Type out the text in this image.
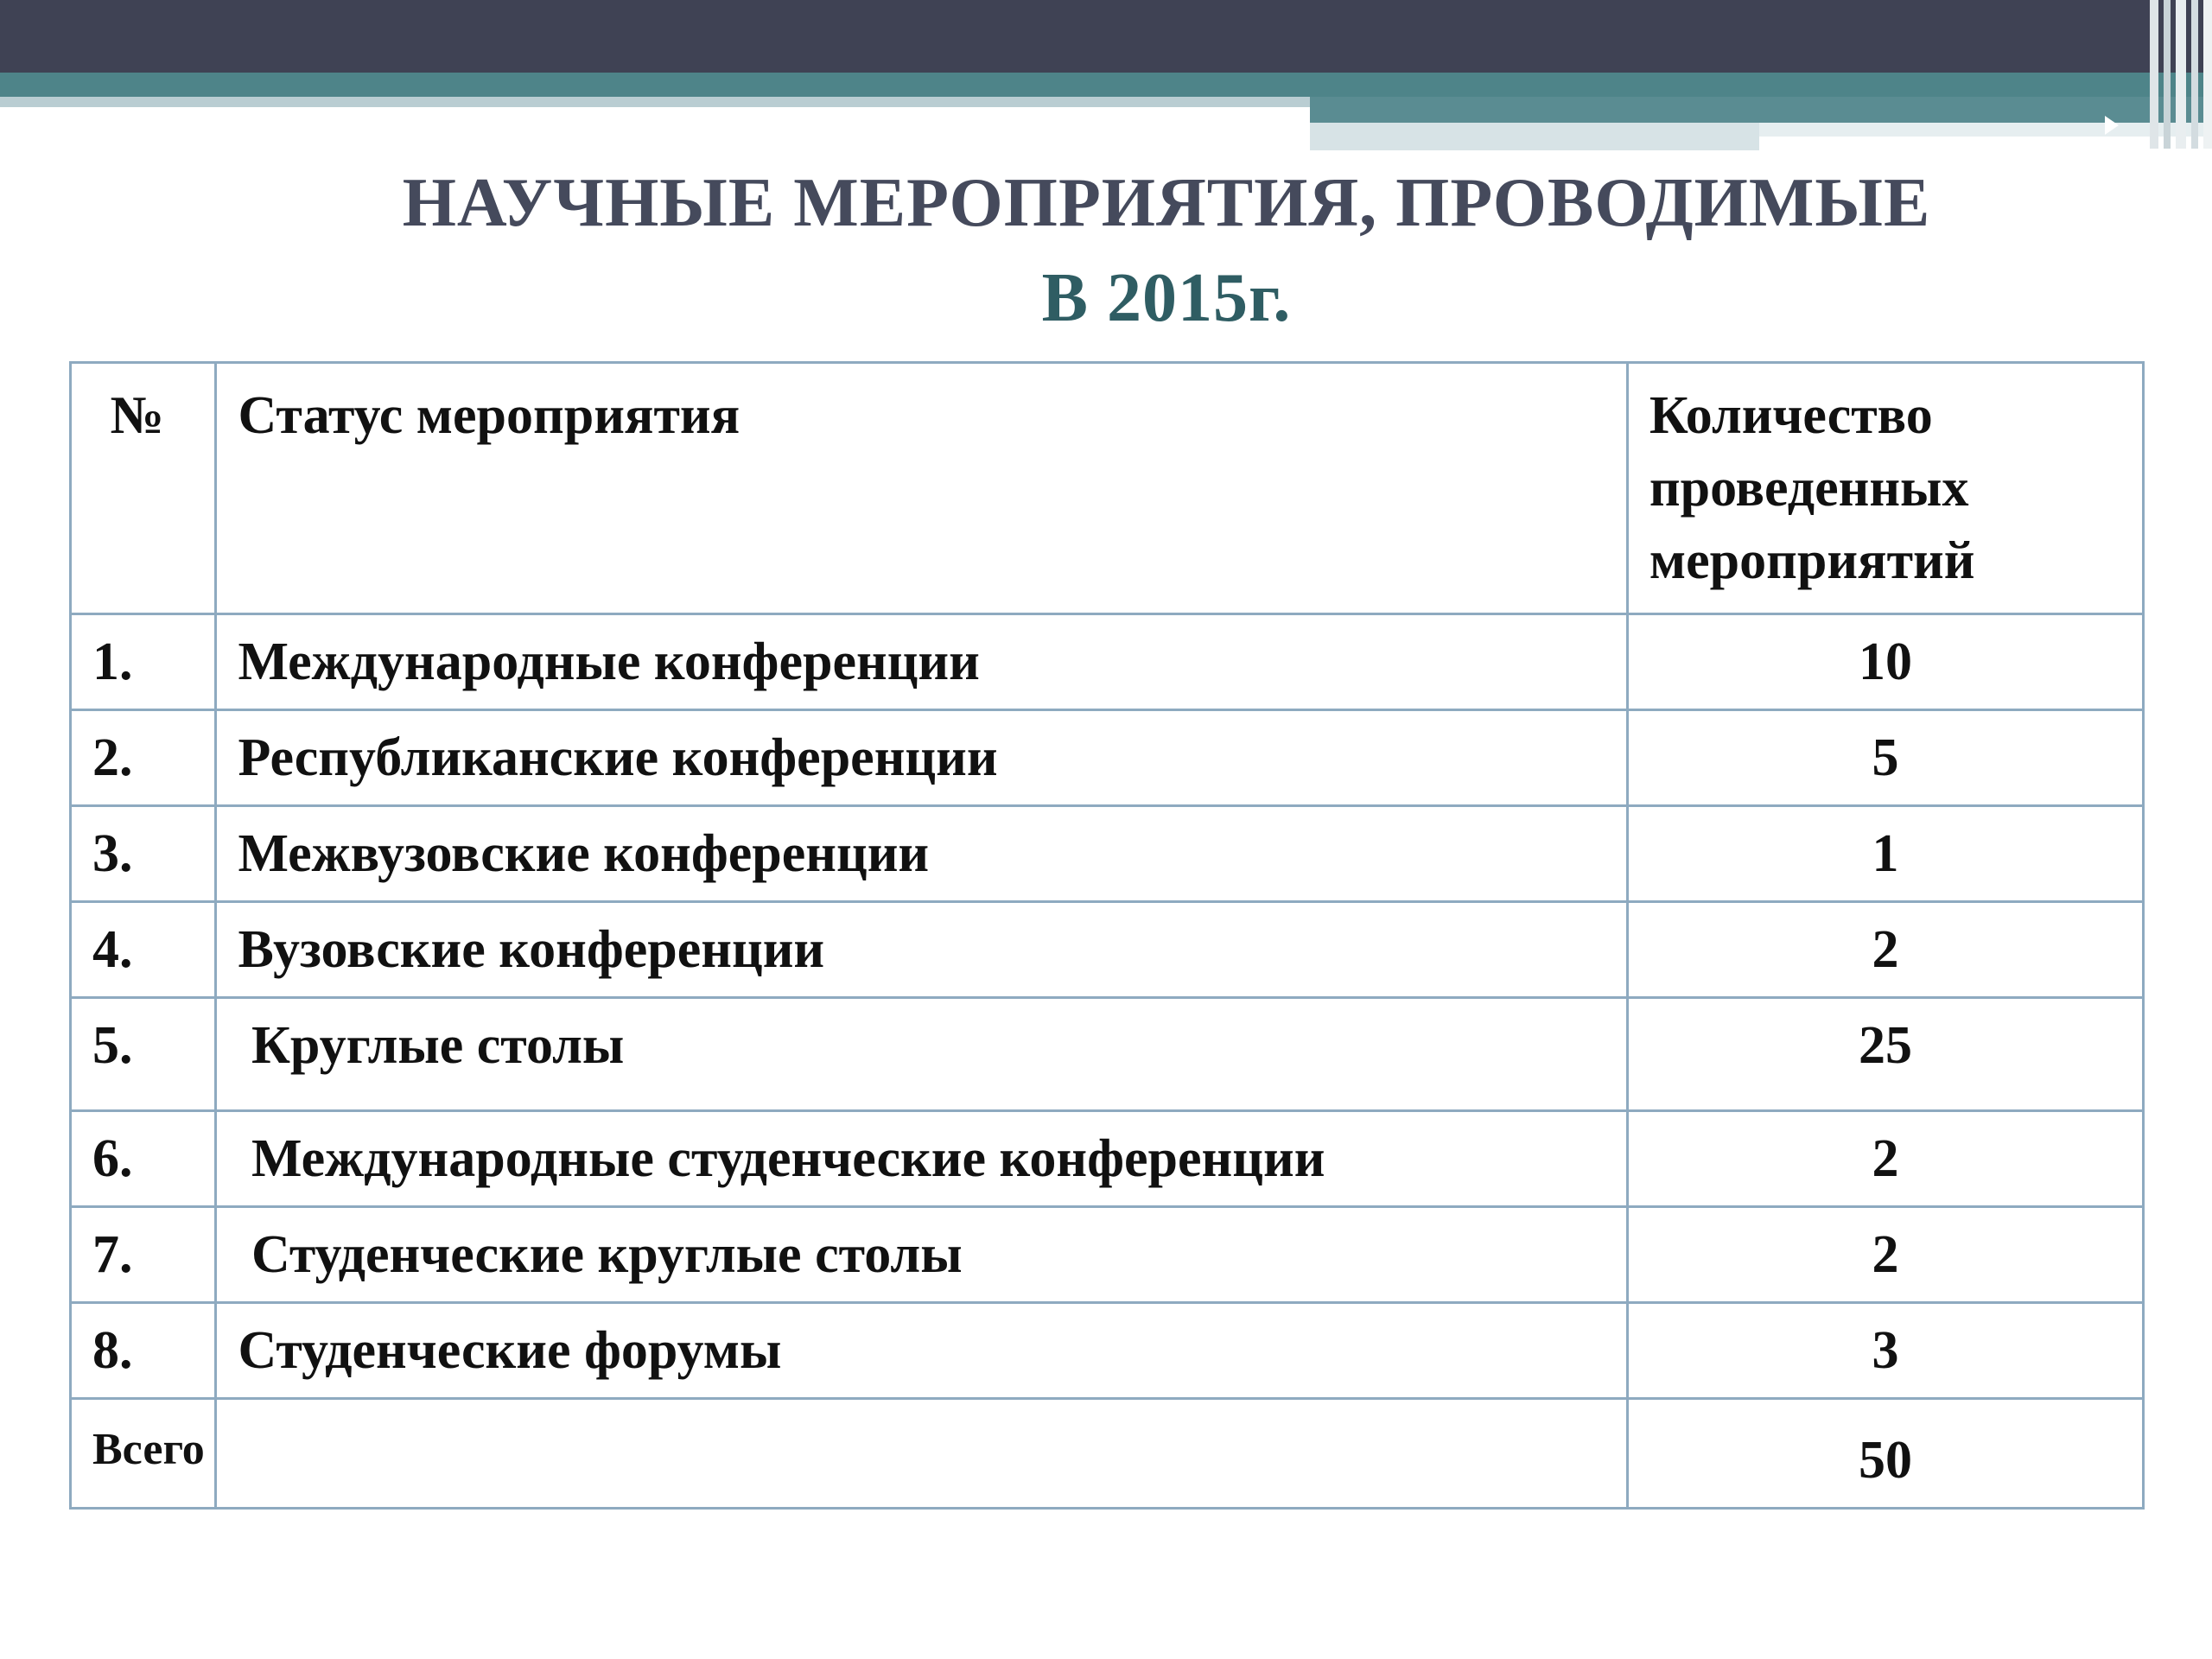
НАУЧНЫЕ МЕРОПРИЯТИЯ, ПРОВОДИМЫЕ
В 2015г.
№	Статус мероприятия	Количество проведенных мероприятий
1.	Международные конференции	10
2.	Республиканские конференции	5
3.	Межвузовские конференции	1
4.	Вузовские конференции	2
5.	Круглые столы	25
6.	Международные студенческие конференции	2
7.	Студенческие круглые столы	2
8.	Студенческие форумы	3
Всего		50
